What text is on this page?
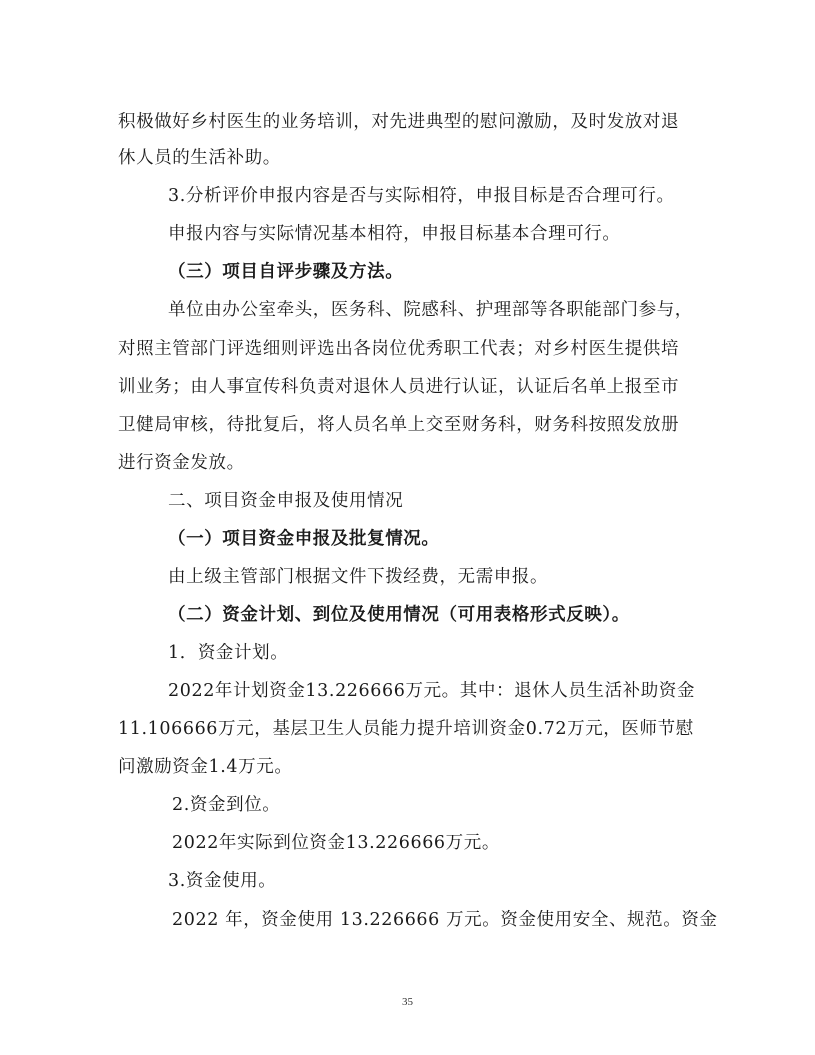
积极做好乡村医生的业务培训，对先进典型的慰问激励，及时发放对退
休人员的生活补助。
3.分析评价申报内容是否与实际相符，申报目标是否合理可行。
申报内容与实际情况基本相符，申报目标基本合理可行。
（三）项目自评步骤及方法。
单位由办公室牵头，医务科、院感科、护理部等各职能部门参与，
对照主管部门评选细则评选出各岗位优秀职工代表；对乡村医生提供培
训业务；由人事宣传科负责对退休人员进行认证，认证后名单上报至市
卫健局审核，待批复后，将人员名单上交至财务科，财务科按照发放册
进行资金发放。
二、项目资金申报及使用情况
（一）项目资金申报及批复情况。
由上级主管部门根据文件下拨经费，无需申报。
（二）资金计划、到位及使用情况（可用表格形式反映）。
1．资金计划。
2022年计划资金13.226666万元。其中：退休人员生活补助资金
11.106666万元，基层卫生人员能力提升培训资金0.72万元，医师节慰
问激励资金1.4万元。
2.资金到位。
2022年实际到位资金13.226666万元。
3.资金使用。
2022 年，资金使用 13.226666 万元。资金使用安全、规范。资金
35
